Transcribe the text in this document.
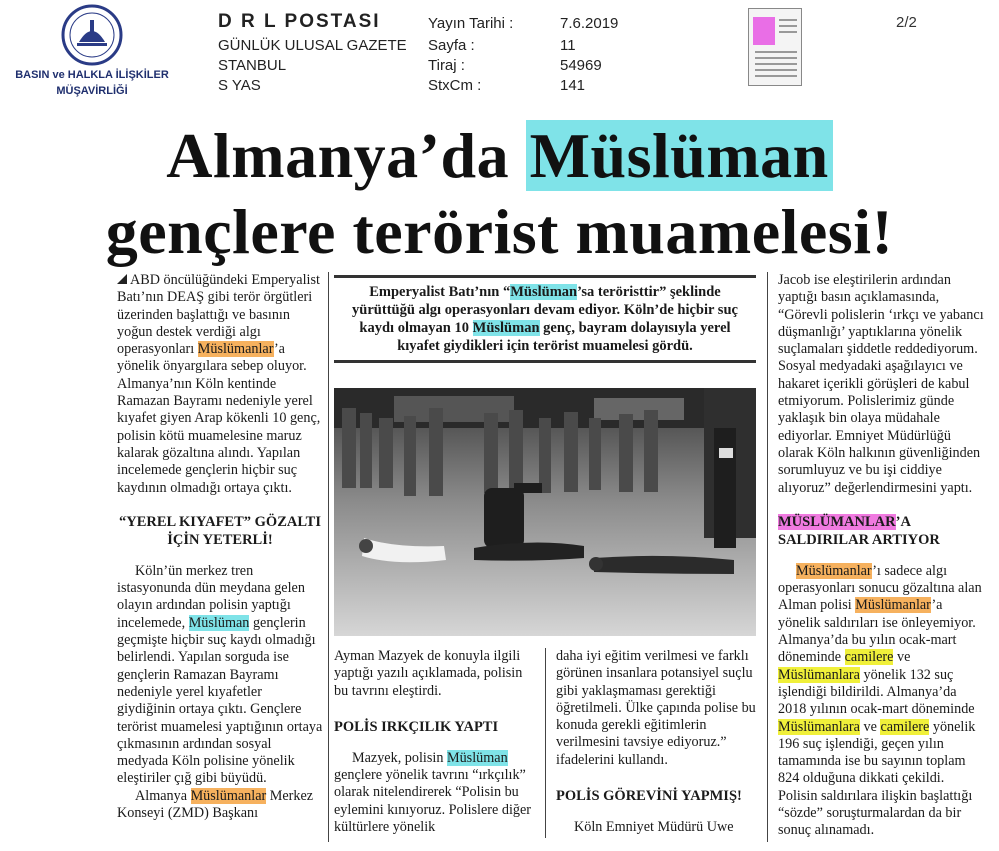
BASIN ve HALKLA İLİŞKİLER
MÜŞAVİRLİĞİ
D R L POSTASI
GÜNLÜK ULUSAL GAZETE
STANBUL
S YAS
Yayın Tarihi :
Sayfa :
Tiraj :
StxCm :
7.6.2019
11
54969
141
2/2
Almanya’da Müslüman
gençlere terörist muamelesi!

ABD öncülüğündeki Emperyalist Batı’nın DEAŞ gibi terör örgütleri üzerinden başlattığı ve basının yoğun destek verdiği algı operasyonları Müslümanlar’a yönelik önyargılara sebep oluyor. Almanya’nın Köln kentinde Ramazan Bayramı nedeniyle yerel kıyafet giyen Arap kökenli 10 genç, polisin kötü muamelesine maruz kalarak gözaltına alındı. Yapılan incelemede gençlerin hiçbir suç kaydının olmadığı ortaya çıktı.

“YEREL KIYAFET” GÖZALTI İÇİN YETERLİ!

Köln’ün merkez tren istasyonunda dün meydana gelen olayın ardından polisin yaptığı incelemede, Müslüman gençlerin geçmişte hiçbir suç kaydı olmadığı belirlendi. Yapılan sorguda ise gençlerin Ramazan Bayramı nedeniyle yerel kıyafetler giydiğinin ortaya çıktı. Gençlere terörist muamelesi yaptığının ortaya çıkmasının ardından sosyal medyada Köln polisine yönelik eleştiriler çığ gibi büyüdü.

Almanya Müslümanlar Merkez Konseyi (ZMD) Başkanı

Emperyalist Batı’nın “Müslüman’sa teröristtir” şeklinde yürüttüğü algı operasyonları devam ediyor. Köln’de hiçbir suç kaydı olmayan 10 Müslüman genç, bayram dolayısıyla yerel kıyafet giydikleri için terörist muamelesi gördü.

Ayman Mazyek de konuyla ilgili yaptığı yazılı açıklamada, polisin bu tavrını eleştirdi.

POLİS IRKÇILIK YAPTI

Mazyek, polisin Müslüman gençlere yönelik tavrını “ırkçılık” olarak nitelendirerek “Polisin bu eylemini kınıyoruz. Polislere diğer kültürlere yönelik

daha iyi eğitim verilmesi ve farklı görünen insanlara potansiyel suçlu gibi yaklaşmaması gerektiği öğretilmeli. Ülke çapında polise bu konuda gerekli eğitimlerin verilmesini tavsiye ediyoruz.” ifadelerini kullandı.

POLİS GÖREVİNİ YAPMIŞ!

Köln Emniyet Müdürü Uwe

Jacob ise eleştirilerin ardından yaptığı basın açıklamasında, “Görevli polislerin ‘ırkçı ve yabancı düşmanlığı’ yaptıklarına yönelik suçlamaları şiddetle reddediyorum. Sosyal medyadaki aşağılayıcı ve hakaret içerikli görüşleri de kabul etmiyorum. Polislerimiz günde yaklaşık bin olaya müdahale ediyorlar. Emniyet Müdürlüğü olarak Köln halkının güvenliğinden sorumluyuz ve bu işi ciddiye alıyoruz” değerlendirmesini yaptı.

MÜSLÜMANLAR’A
SALDIRILAR ARTIYOR

Müslümanlar’ı sadece algı operasyonları sonucu gözaltına alan Alman polisi Müslümanlar’a yönelik saldırıları ise önleyemiyor. Almanya’da bu yılın ocak-mart döneminde camilere ve Müslümanlara yönelik 132 suç işlendiği bildirildi. Almanya’da 2018 yılının ocak-mart döneminde Müslümanlara ve camilere yönelik 196 suç işlendiği, geçen yılın tamamında ise bu sayının toplam 824 olduğuna dikkati çekildi. Polisin saldırılara ilişkin başlattığı “sözde” soruşturmalardan da bir sonuç alınamadı.
